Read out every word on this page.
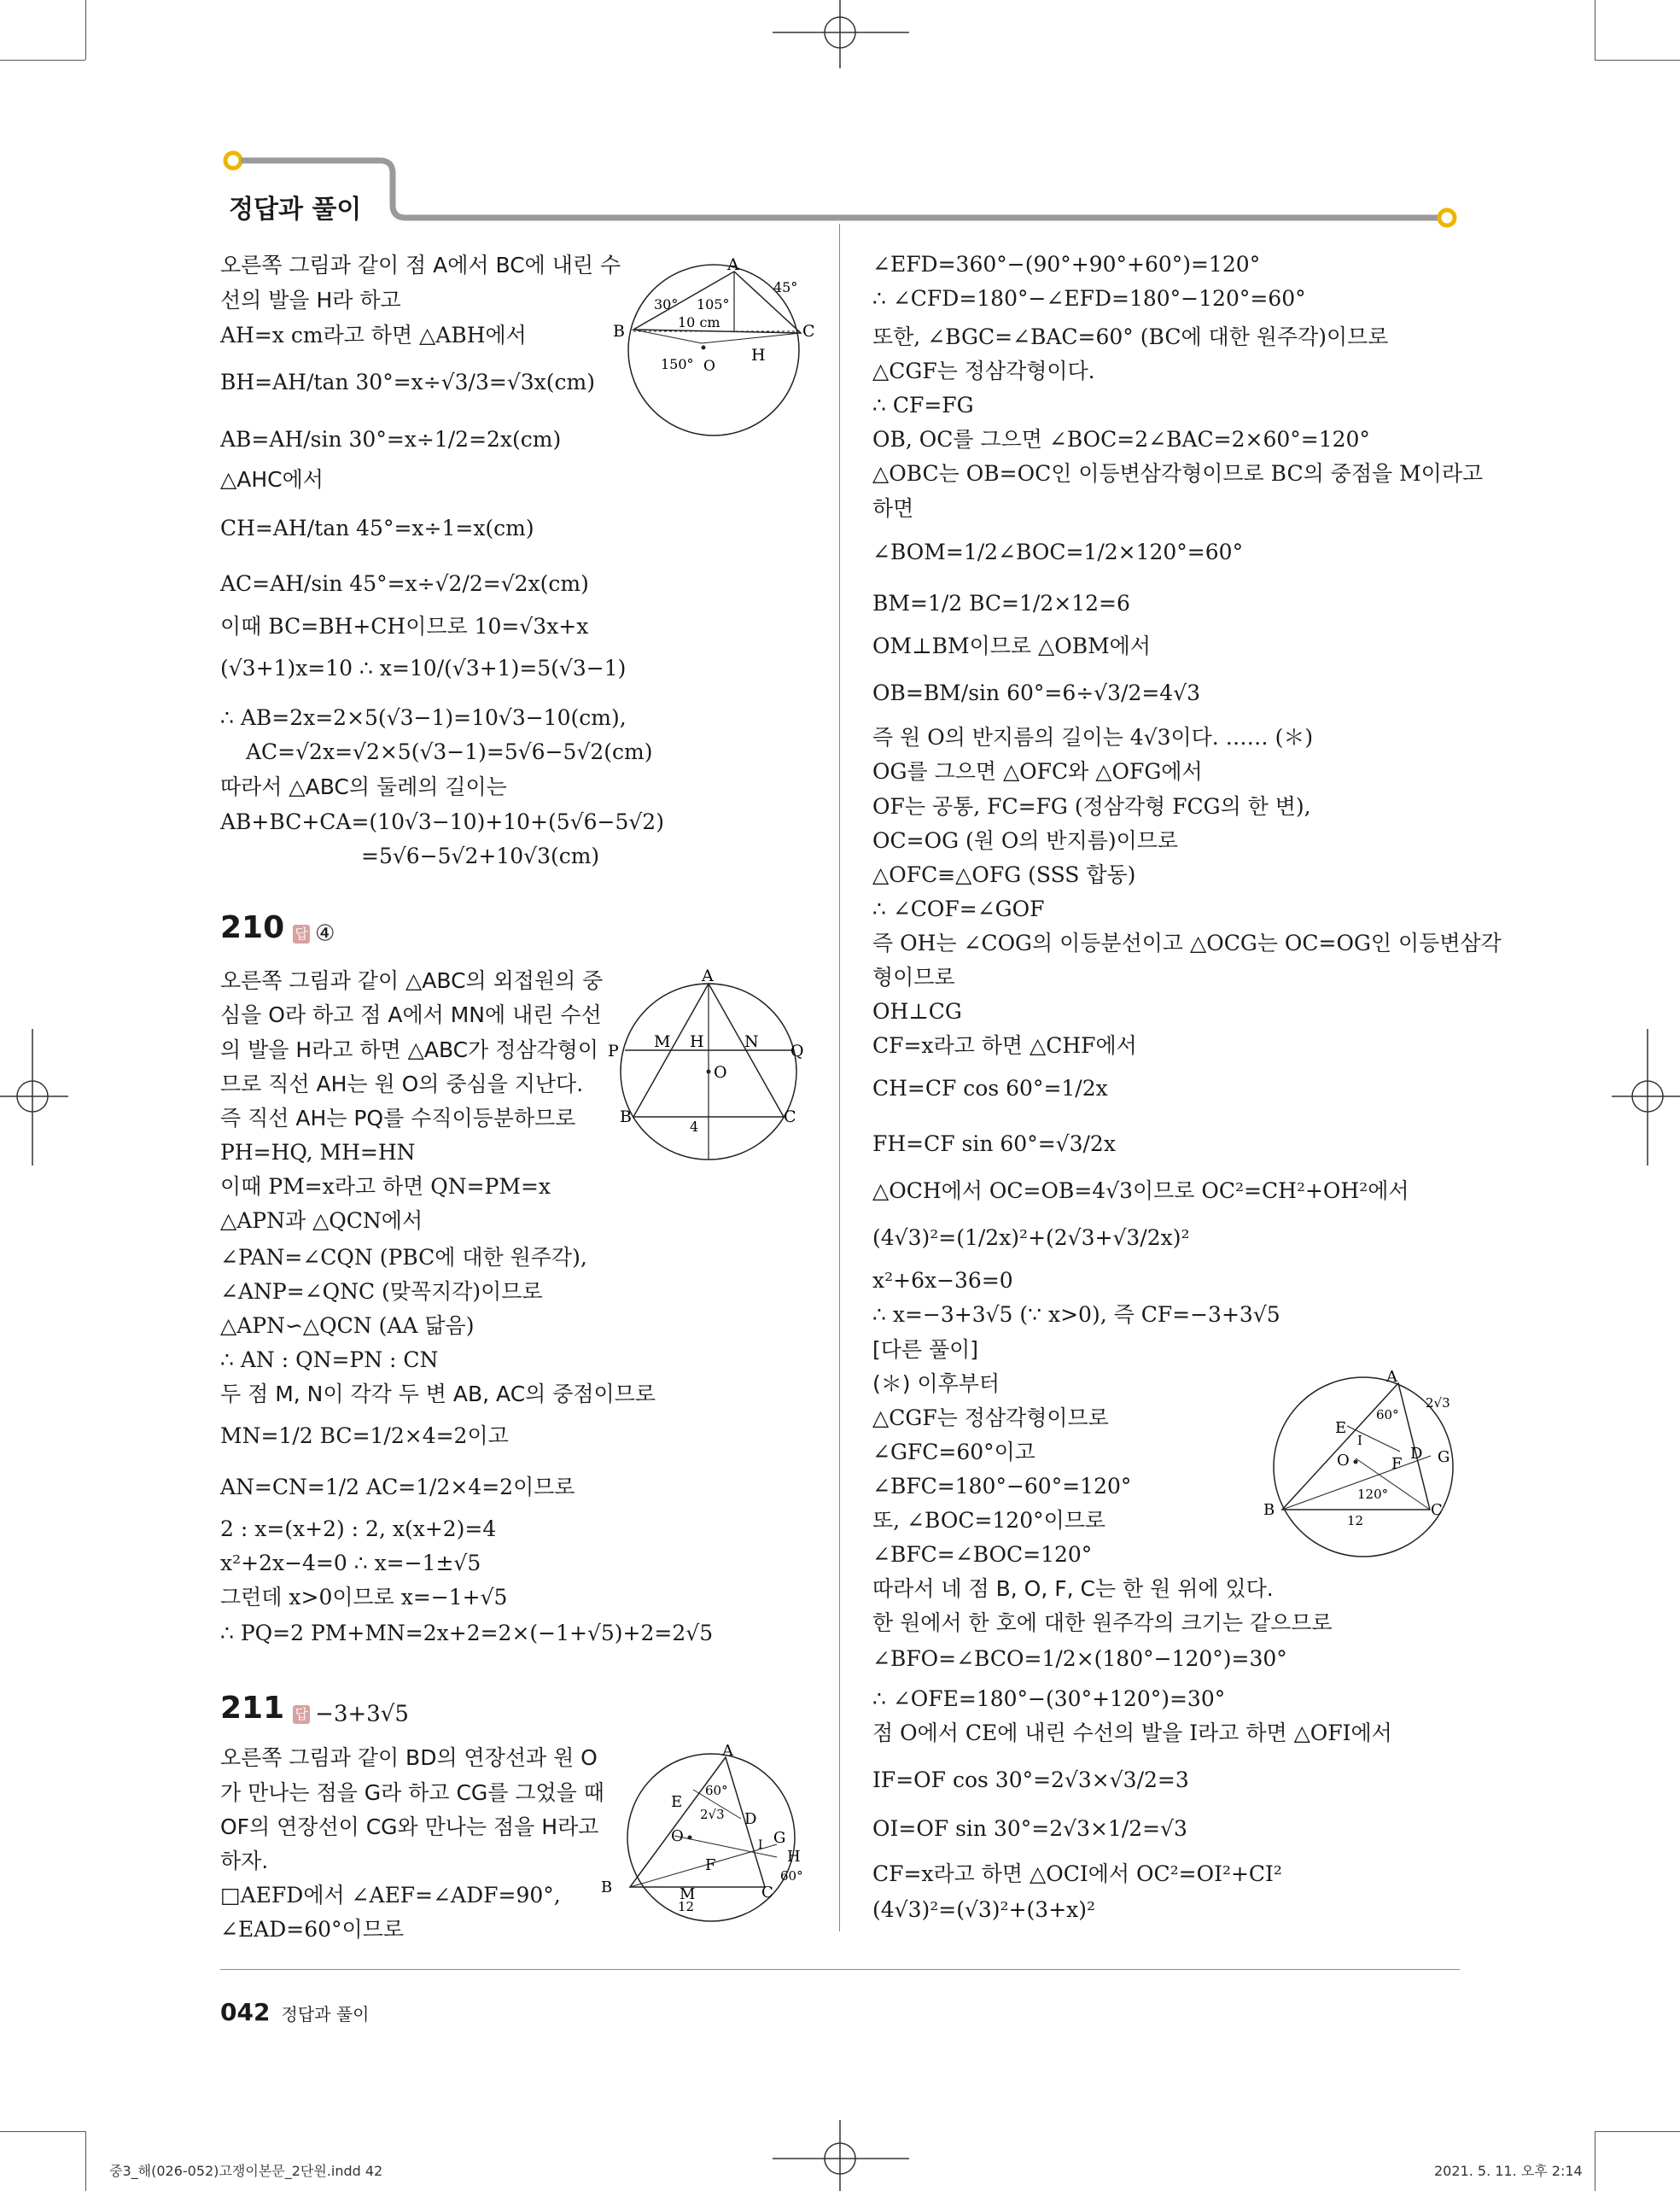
정답과 풀이
오른쪽 그림과 같이 점 A에서 BC에 내린 수
선의 발을 H라 하고
AH=x cm라고 하면 △ABH에서
BH=AH/tan 30°=x÷√3/3=√3x(cm)
AB=AH/sin 30°=x÷1/2=2x(cm)
△AHC에서
CH=AH/tan 45°=x÷1=x(cm)
AC=AH/sin 45°=x÷√2/2=√2x(cm)
이때 BC=BH+CH이므로 10=√3x+x
(√3+1)x=10 ∴ x=10/(√3+1)=5(√3−1)
∴ AB=2x=2×5(√3−1)=10√3−10(cm),
AC=√2x=√2×5(√3−1)=5√6−5√2(cm)
따라서 △ABC의 둘레의 길이는
AB+BC+CA=(10√3−10)+10+(5√6−5√2)
=5√6−5√2+10√3(cm)
210 답 ④
오른쪽 그림과 같이 △ABC의 외접원의 중
심을 O라 하고 점 A에서 MN에 내린 수선
의 발을 H라고 하면 △ABC가 정삼각형이
므로 직선 AH는 원 O의 중심을 지난다.
즉 직선 AH는 PQ를 수직이등분하므로
PH=HQ, MH=HN
이때 PM=x라고 하면 QN=PM=x
△APN과 △QCN에서
∠PAN=∠CQN (PBC에 대한 원주각),
∠ANP=∠QNC (맞꼭지각)이므로
△APN∽△QCN (AA 닮음)
∴ AN : QN=PN : CN
두 점 M, N이 각각 두 변 AB, AC의 중점이므로
MN=1/2 BC=1/2×4=2이고
AN=CN=1/2 AC=1/2×4=2이므로
2 : x=(x+2) : 2, x(x+2)=4
x²+2x−4=0 ∴ x=−1±√5
그런데 x>0이므로 x=−1+√5
∴ PQ=2 PM+MN=2x+2=2×(−1+√5)+2=2√5
211 답 −3+3√5
오른쪽 그림과 같이 BD의 연장선과 원 O
가 만나는 점을 G라 하고 CG를 그었을 때
OF의 연장선이 CG와 만나는 점을 H라고
하자.
□AEFD에서 ∠AEF=∠ADF=90°,
∠EAD=60°이므로
A
B	C
H
O
30° 105°
45°
150°
10 cm
A
P	Q
M H N
O
B	C
4
A
E
60°
2√3 D
G
O	I
F	H
B	M	C
12
60°
∠EFD=360°−(90°+90°+60°)=120°
∴ ∠CFD=180°−∠EFD=180°−120°=60°
또한, ∠BGC=∠BAC=60° (BC에 대한 원주각)이므로
△CGF는 정삼각형이다.
∴ CF=FG
OB, OC를 그으면 ∠BOC=2∠BAC=2×60°=120°
△OBC는 OB=OC인 이등변삼각형이므로 BC의 중점을 M이라고
하면
∠BOM=1/2∠BOC=1/2×120°=60°
BM=1/2 BC=1/2×12=6
OM⊥BM이므로 △OBM에서
OB=BM/sin 60°=6÷√3/2=4√3
즉 원 O의 반지름의 길이는 4√3이다. …… (＊)
OG를 그으면 △OFC와 △OFG에서
OF는 공통, FC=FG (정삼각형 FCG의 한 변),
OC=OG (원 O의 반지름)이므로
△OFC≡△OFG (SSS 합동)
∴ ∠COF=∠GOF
즉 OH는 ∠COG의 이등분선이고 △OCG는 OC=OG인 이등변삼각
형이므로
OH⊥CG
CF=x라고 하면 △CHF에서
CH=CF cos 60°=1/2x
FH=CF sin 60°=√3/2x
△OCH에서 OC=OB=4√3이므로 OC²=CH²+OH²에서
(4√3)²=(1/2x)²+(2√3+√3/2x)²
x²+6x−36=0
∴ x=−3+3√5 (∵ x>0), 즉 CF=−3+3√5
[다른 풀이]
(＊) 이후부터
△CGF는 정삼각형이므로
∠GFC=60°이고
∠BFC=180°−60°=120°
또, ∠BOC=120°이므로
∠BFC=∠BOC=120°
따라서 네 점 B, O, F, C는 한 원 위에 있다.
한 원에서 한 호에 대한 원주각의 크기는 같으므로
∠BFO=∠BCO=1/2×(180°−120°)=30°
∴ ∠OFE=180°−(30°+120°)=30°
점 O에서 CE에 내린 수선의 발을 I라고 하면 △OFI에서
IF=OF cos 30°=2√3×√3/2=3
OI=OF sin 30°=2√3×1/2=√3
CF=x라고 하면 △OCI에서 OC²=OI²+CI²
(4√3)²=(√3)²+(3+x)²
A
60°
2√3
E
I
D G
O	F
120°
B	C
12
042 정답과 풀이
중3_해(026-052)고쟁이본문_2단원.indd 42	2021. 5. 11. 오후 2:14
